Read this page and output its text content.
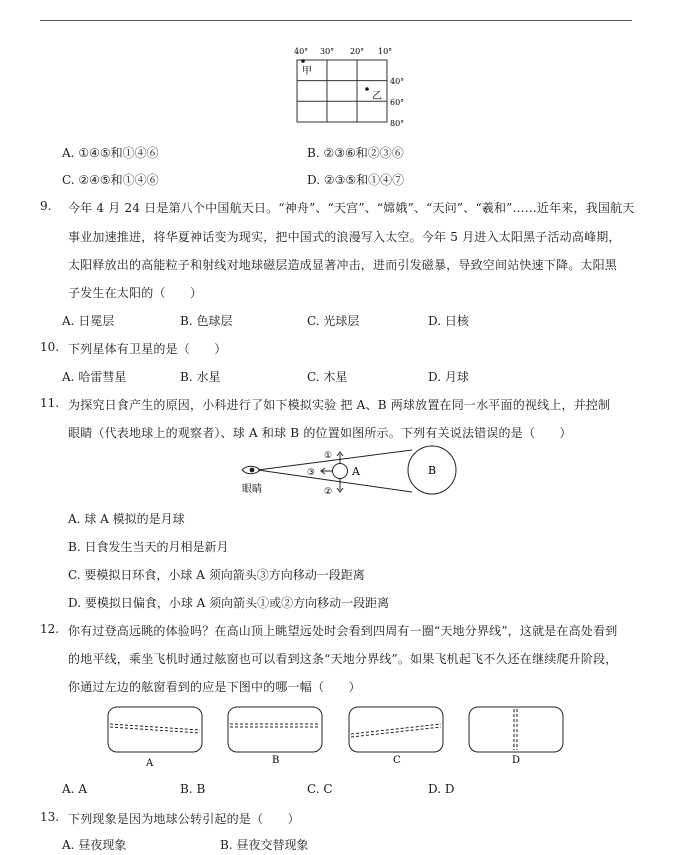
40° 30° 20° 10°
甲
乙
40°
60°
80°
A. ①④⑤和①④⑥	B. ②③⑥和②③⑥
C. ②④⑤和①④⑥	D. ②③⑤和①④⑦
9. 今年 4 月 24 日是第八个中国航天日。“神舟”、“天宫”、“嫦娥”、“天问”、“羲和”……近年来，我国航天
事业加速推进，将华夏神话变为现实，把中国式的浪漫写入太空。今年 5 月进入太阳黑子活动高峰期，
太阳释放出的高能粒子和射线对地球磁层造成显著冲击，进而引发磁暴，导致空间站快速下降。太阳黑
子发生在太阳的（　　）
A. 日冕层	B. 色球层	C. 光球层	D. 日核
10. 下列星体有卫星的是（　　）
A. 哈雷彗星	B. 水星	C. 木星	D. 月球
11. 为探究日食产生的原因，小科进行了如下模拟实验 把 A、B 两球放置在同一水平面的视线上，并控制
眼睛（代表地球上的观察者）、球 A 和球 B 的位置如图所示。下列有关说法错误的是（　　）
眼睛
A	B
①
②
③
A. 球 A 模拟的是月球
B. 日食发生当天的月相是新月
C. 要模拟日环食，小球 A 须向箭头③方向移动一段距离
D. 要模拟日偏食，小球 A 须向箭头①或②方向移动一段距离
12. 你有过登高远眺的体验吗？在高山顶上眺望远处时会看到四周有一圈“天地分界线”，这就是在高处看到
的地平线，乘坐飞机时通过舷窗也可以看到这条“天地分界线”。如果飞机起飞不久还在继续爬升阶段，
你通过左边的舷窗看到的应是下图中的哪一幅（　　）
A	B	C	D
A. A	B. B	C. C	D. D
13. 下列现象是因为地球公转引起的是（　　）
A. 昼夜现象	B. 昼夜交替现象
